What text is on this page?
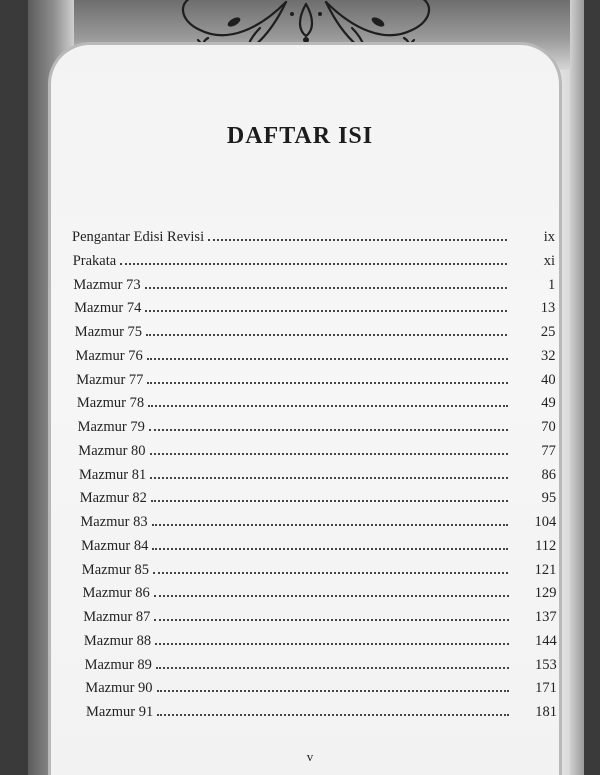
DAFTAR ISI
Pengantar Edisi Revisi	ix
Prakata	xi
Mazmur 73	1
Mazmur 74	13
Mazmur 75	25
Mazmur 76	32
Mazmur 77	40
Mazmur 78	49
Mazmur 79	70
Mazmur 80	77
Mazmur 81	86
Mazmur 82	95
Mazmur 83	104
Mazmur 84	112
Mazmur 85	121
Mazmur 86	129
Mazmur 87	137
Mazmur 88	144
Mazmur 89	153
Mazmur 90	171
Mazmur 91	181
v
